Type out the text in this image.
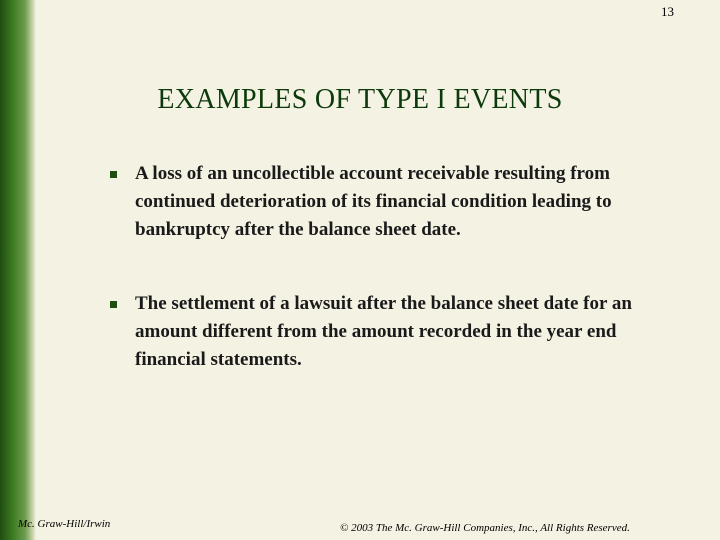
13
EXAMPLES OF TYPE I EVENTS
A loss of an uncollectible account receivable resulting from continued deterioration of its financial condition leading to bankruptcy after the balance sheet date.
The settlement of a lawsuit after the balance sheet date for an amount different from the amount recorded in the year end financial statements.
Mc. Graw-Hill/Irwin	© 2003 The Mc. Graw-Hill Companies, Inc., All Rights Reserved.
